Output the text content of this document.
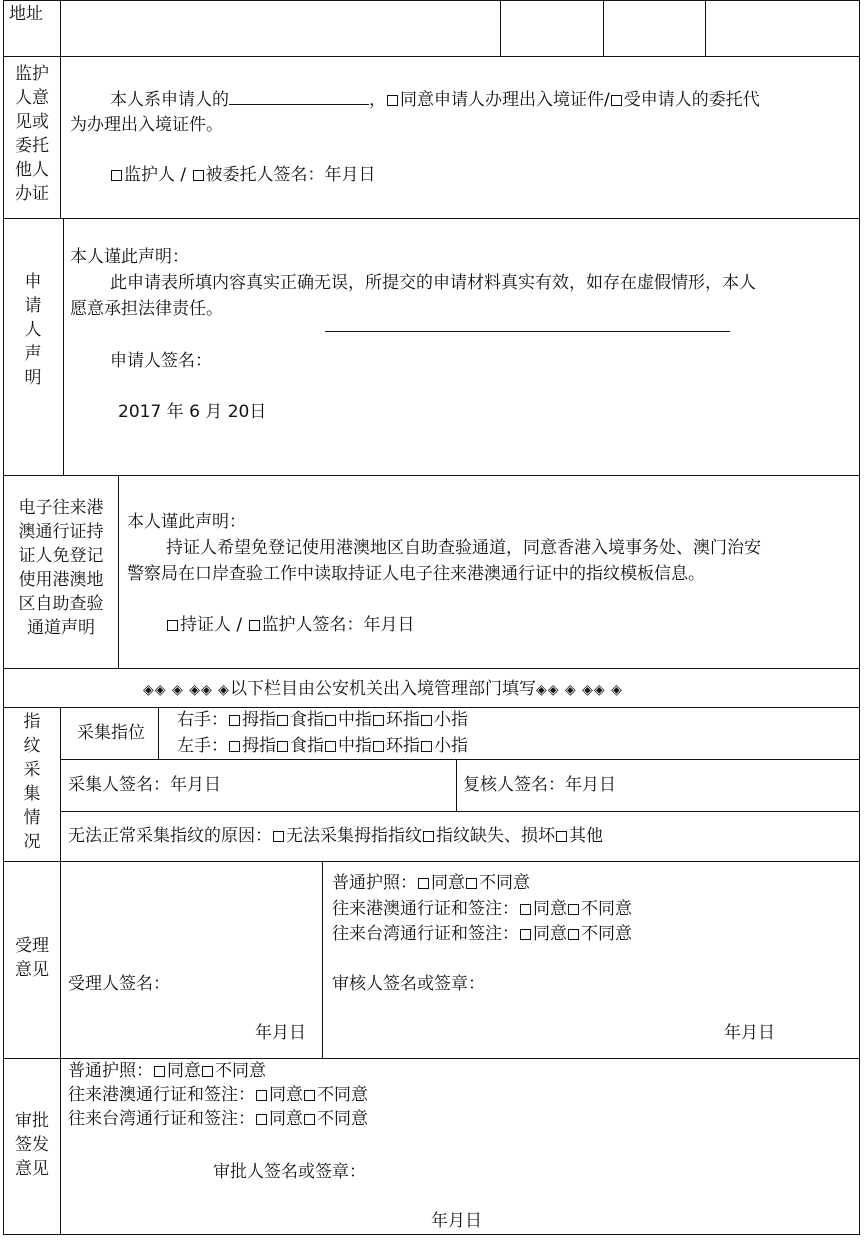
地址
监护
人意
见或
委托
他人
办证
本人系申请人的	， 同意申请人办理出入境证件/ 受申请人的委托代
为办理出入境证件。
监护人 / 被委托人签名：年月日
申
请
人
声
明
本人谨此声明：
此申请表所填内容真实正确无误，所提交的申请材料真实有效，如存在虚假情形，本人
愿意承担法律责任。
申请人签名：
2017 年 6 月 20日
电子往来港
澳通行证持
证人免登记
使用港澳地
区自助查验
通道声明
本人谨此声明：
持证人希望免登记使用港澳地区自助查验通道，同意香港入境事务处、澳门治安
警察局在口岸查验工作中读取持证人电子往来港澳通行证中的指纹模板信息。
持证人 / 监护人签名：年月日
◈◈ ◈ ◈◈ ◈以下栏目由公安机关出入境管理部门填写◈◈ ◈ ◈◈ ◈
指
纹
采
集
情
况
采集指位
右手： 拇指 食指 中指 环指 小指
左手： 拇指 食指 中指 环指 小指
采集人签名：年月日	复核人签名：年月日
无法正常采集指纹的原因： 无法采集拇指指纹 指纹缺失、损坏 其他
受理
意见
受理人签名：
年月日
普通护照： 同意 不同意
往来港澳通行证和签注： 同意 不同意
往来台湾通行证和签注： 同意 不同意
审核人签名或签章：
年月日
审批
签发
意见
普通护照： 同意 不同意
往来港澳通行证和签注： 同意 不同意
往来台湾通行证和签注： 同意 不同意
审批人签名或签章：
年月日
